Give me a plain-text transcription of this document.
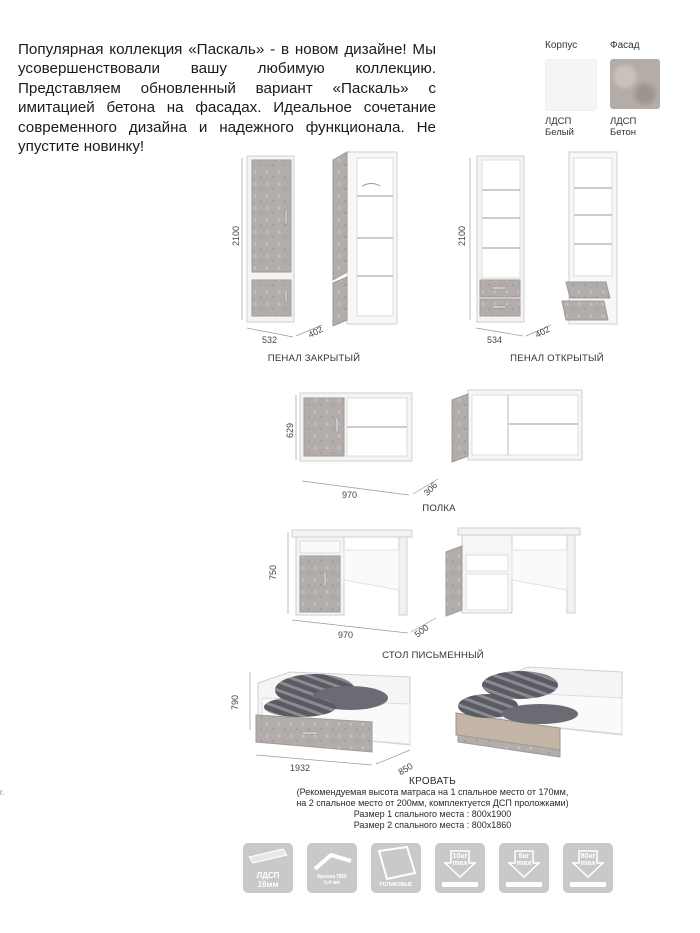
Популярная коллекция «Паскаль» - в новом дизайне! Мы усовершенствовали вашу любимую коллекцию. Представляем обновленный вариант «Паскаль» с имитацией бетона на фасадах. Идеальное сочетание современного дизайна и надежного функционала. Не упустите новинку!
Корпус	Фасад
ЛДСП Белый
ЛДСП Бетон
2100
532
402
ПЕНАЛ ЗАКРЫТЫЙ
2100
534
402
ПЕНАЛ ОТКРЫТЫЙ
629
970	306
ПОЛКА
750
970	500
СТОЛ ПИСЬМЕННЫЙ
790
1932	850
КРОВАТЬ
(Рекомендуемая высота матраса на 1 спальное место от 170мм,
на 2 спальное место от 200мм, комплектуется ДСП проложками)
Размер 1 спального места : 800х1900
Размер 2 спального места : 800х1860
ЛДСП
16мм
Кромка ПВХ
0,4 мм	РОЛИКОВЫЕ
10кг
max
5кг
max
80кг
max
r.
